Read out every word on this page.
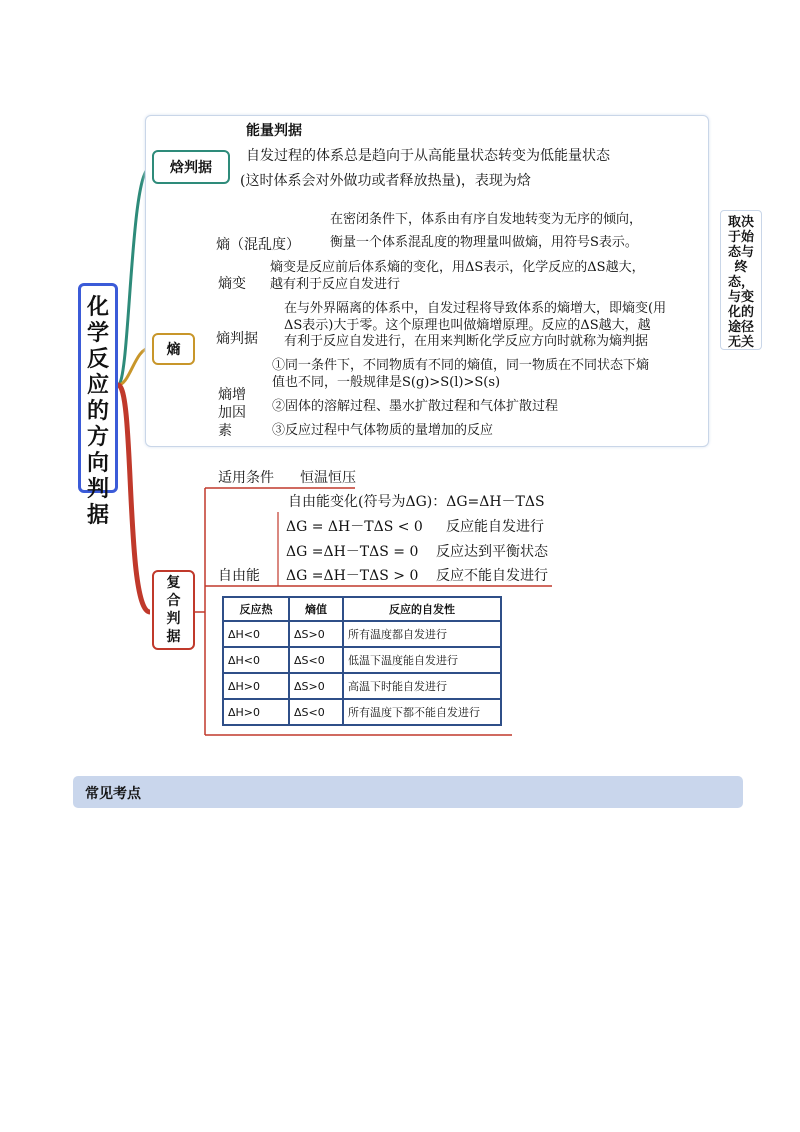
化学反应的方向判据
取决于始态与终态，与变化的途径无关
焓判据
能量判据
自发过程的体系总是趋向于从高能量状态转变为低能量状态
(这时体系会对外做功或者释放热量)，表现为焓
熵
熵（混乱度）
在密闭条件下，体系由有序自发地转变为无序的倾向，
衡量一个体系混乱度的物理量叫做熵，用符号S表示。
熵变
熵变是反应前后体系熵的变化，用ΔS表示，化学反应的ΔS越大，
越有利于反应自发进行
熵判据
在与外界隔离的体系中，自发过程将导致体系的熵增大，即熵变(用
ΔS表示)大于零。这个原理也叫做熵增原理。反应的ΔS越大，越
有利于反应自发进行，在用来判断化学反应方向时就称为熵判据
熵增
加因
素
①同一条件下，不同物质有不同的熵值，同一物质在不同状态下熵
值也不同，一般规律是S(g)>S(l)>S(s)
②固体的溶解过程、墨水扩散过程和气体扩散过程
③反应过程中气体物质的量增加的反应
复合判据
适用条件 恒温恒压
自由能变化(符号为ΔG)：ΔG=ΔH－TΔS
ΔG = ΔH－TΔS < 0 反应能自发进行
ΔG =ΔH－TΔS = 0 反应达到平衡状态
自由能 ΔG =ΔH－TΔS > 0 反应不能自发进行
反应热	熵值	反应的自发性
ΔH<0	ΔS>0	所有温度都自发进行
ΔH<0	ΔS<0	低温下温度能自发进行
ΔH>0	ΔS>0	高温下时能自发进行
ΔH>0	ΔS<0	所有温度下都不能自发进行
常见考点
